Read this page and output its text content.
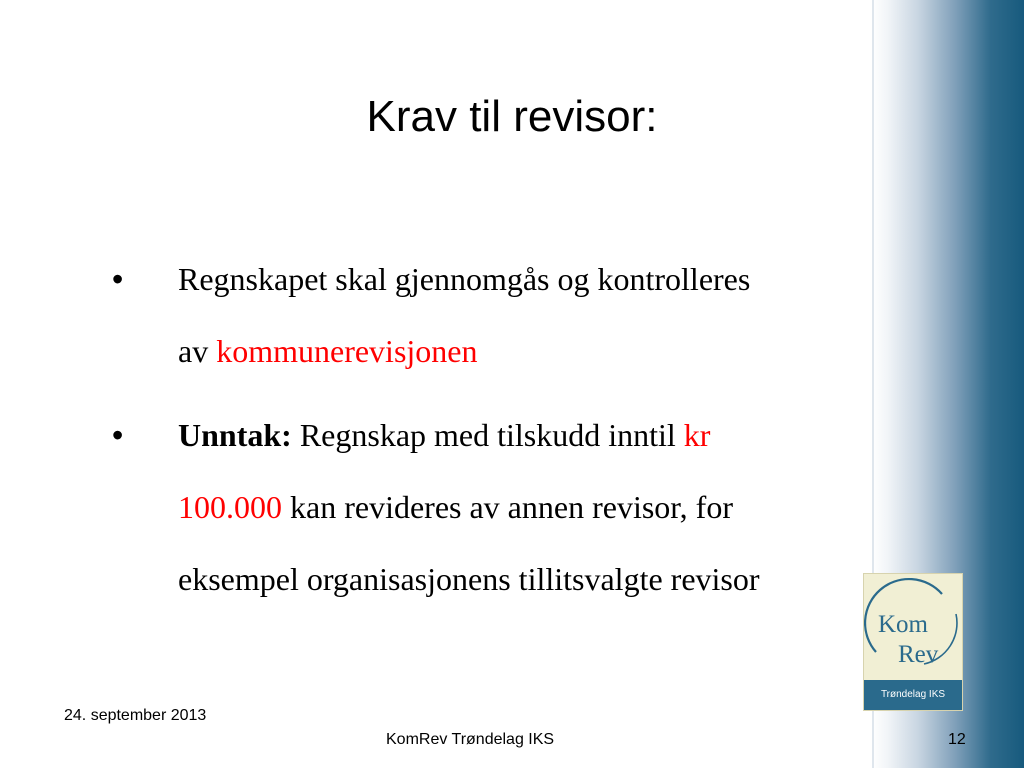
Krav til revisor:
•	Regnskapet skal gjennomgås og kontrolleres
av kommunerevisjonen
•	Unntak: Regnskap med tilskudd inntil kr
100.000 kan revideres av annen revisor, for
eksempel organisasjonens tillitsvalgte revisor
Kom
Rev
Trøndelag IKS
24. september 2013
KomRev Trøndelag IKS	12
